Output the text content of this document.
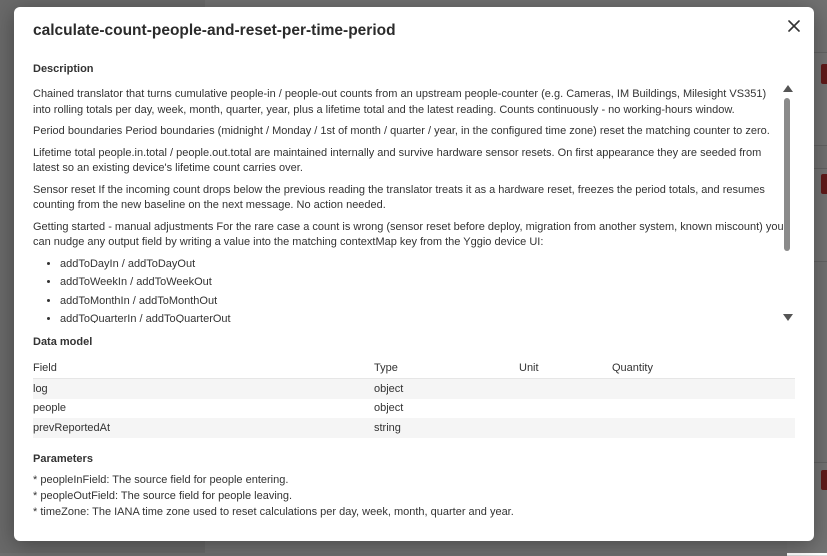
calculate-count-people-and-reset-per-time-period
Description

Chained translator that turns cumulative people-in / people-out counts from an upstream people-counter (e.g. Cameras, IM Buildings, Milesight VS351) into rolling totals per day, week, month, quarter, year, plus a lifetime total and the latest reading. Counts continuously - no working-hours window.

Period boundaries Period boundaries (midnight / Monday / 1st of month / quarter / year, in the configured time zone) reset the matching counter to zero.

Lifetime total people.in.total / people.out.total are maintained internally and survive hardware sensor resets. On first appearance they are seeded from latest so an existing device's lifetime count carries over.

Sensor reset If the incoming count drops below the previous reading the translator treats it as a hardware reset, freezes the period totals, and resumes counting from the new baseline on the next message. No action needed.

Getting started - manual adjustments For the rare case a count is wrong (sensor reset before deploy, migration from another system, known miscount) you can nudge any output field by writing a value into the matching contextMap key from the Yggio device UI:

• addToDayIn / addToDayOut
• addToWeekIn / addToWeekOut
• addToMonthIn / addToMonthOut
• addToQuarterIn / addToQuarterOut
Data model
Field	Type	Unit	Quantity
log	object		
people	object		
prevReportedAt	string		
Parameters
* peopleInField: The source field for people entering.
* peopleOutField: The source field for people leaving.
* timeZone: The IANA time zone used to reset calculations per day, week, month, quarter and year.
